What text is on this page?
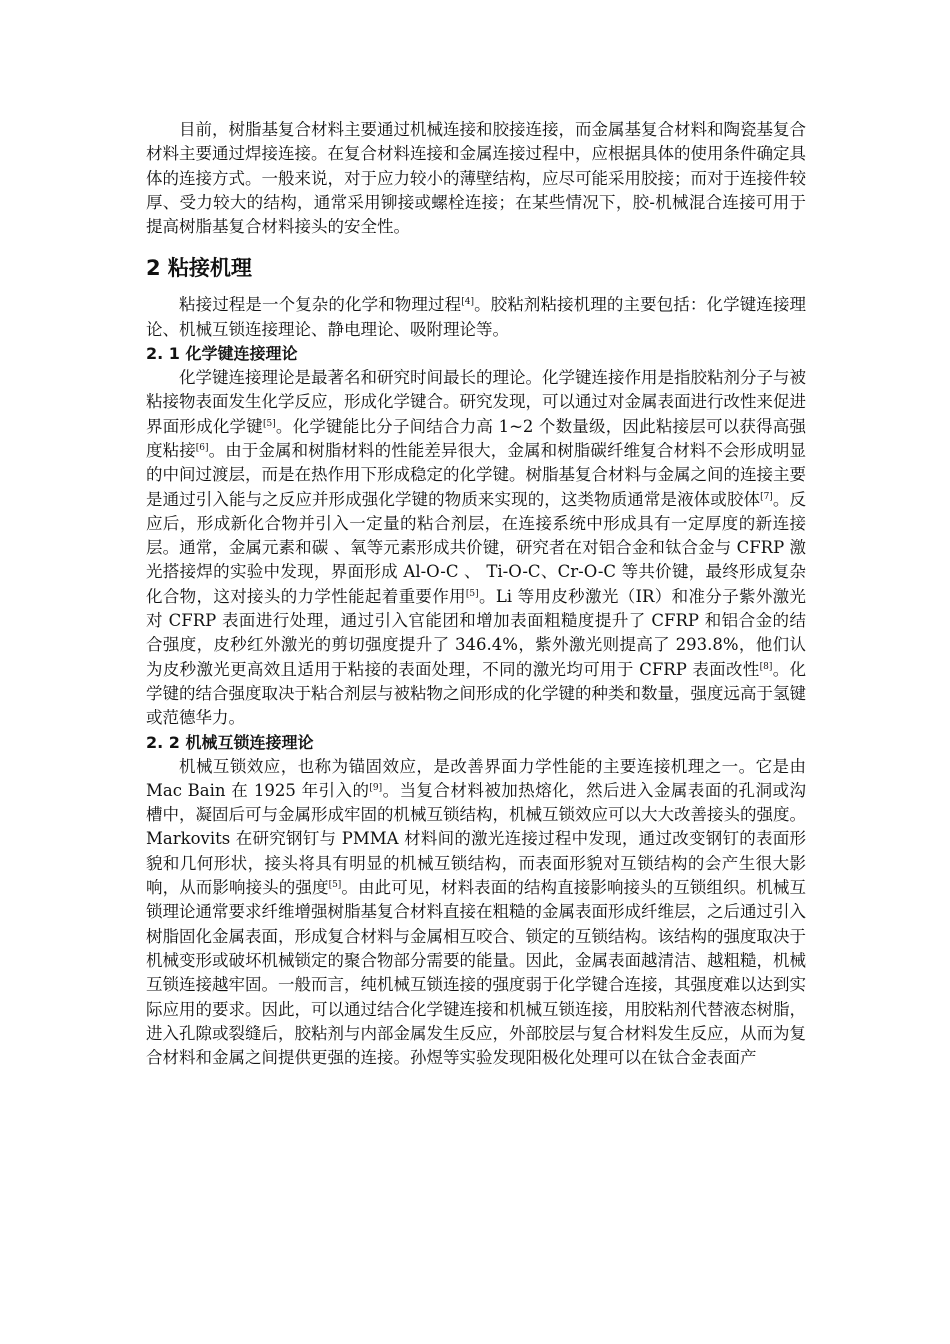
目前，树脂基复合材料主要通过机械连接和胶接连接，而金属基复合材料和陶瓷基复合材料主要通过焊接连接。在复合材料连接和金属连接过程中，应根据具体的使用条件确定具体的连接方式。一般来说，对于应力较小的薄壁结构，应尽可能采用胶接；而对于连接件较厚、受力较大的结构，通常采用铆接或螺栓连接；在某些情况下，胶-机械混合连接可用于提高树脂基复合材料接头的安全性。

2 粘接机理

粘接过程是一个复杂的化学和物理过程[4]。胶粘剂粘接机理的主要包括：化学键连接理论、机械互锁连接理论、静电理论、吸附理论等。

2. 1 化学键连接理论

化学键连接理论是最著名和研究时间最长的理论。化学键连接作用是指胶粘剂分子与被粘接物表面发生化学反应，形成化学键合。研究发现，可以通过对金属表面进行改性来促进界面形成化学键[5]。化学键能比分子间结合力高 1~2 个数量级，因此粘接层可以获得高强度粘接[6]。由于金属和树脂材料的性能差异很大，金属和树脂碳纤维复合材料不会形成明显的中间过渡层，而是在热作用下形成稳定的化学键。树脂基复合材料与金属之间的连接主要是通过引入能与之反应并形成强化学键的物质来实现的，这类物质通常是液体或胶体[7]。反应后，形成新化合物并引入一定量的粘合剂层，在连接系统中形成具有一定厚度的新连接层。通常，金属元素和碳 、氧等元素形成共价键，研究者在对铝合金和钛合金与 CFRP 激光搭接焊的实验中发现，界面形成 Al-O-C 、 Ti-O-C、Cr-O-C 等共价键，最终形成复杂化合物，这对接头的力学性能起着重要作用[5]。Li 等用皮秒激光（IR）和准分子紫外激光对 CFRP 表面进行处理，通过引入官能团和增加表面粗糙度提升了 CFRP 和铝合金的结合强度，皮秒红外激光的剪切强度提升了 346.4%，紫外激光则提高了 293.8%，他们认为皮秒激光更高效且适用于粘接的表面处理，不同的激光均可用于 CFRP 表面改性[8]。化学键的结合强度取决于粘合剂层与被粘物之间形成的化学键的种类和数量，强度远高于氢键或范德华力。

2. 2 机械互锁连接理论

机械互锁效应，也称为锚固效应，是改善界面力学性能的主要连接机理之一。它是由 Mac Bain 在 1925 年引入的[9]。当复合材料被加热熔化，然后进入金属表面的孔洞或沟槽中，凝固后可与金属形成牢固的机械互锁结构，机械互锁效应可以大大改善接头的强度。Markovits 在研究钢钉与 PMMA 材料间的激光连接过程中发现，通过改变钢钉的表面形貌和几何形状，接头将具有明显的机械互锁结构，而表面形貌对互锁结构的会产生很大影响，从而影响接头的强度[5]。由此可见，材料表面的结构直接影响接头的互锁组织。机械互锁理论通常要求纤维增强树脂基复合材料直接在粗糙的金属表面形成纤维层，之后通过引入树脂固化金属表面，形成复合材料与金属相互咬合、锁定的互锁结构。该结构的强度取决于机械变形或破坏机械锁定的聚合物部分需要的能量。因此，金属表面越清洁、越粗糙，机械互锁连接越牢固。一般而言，纯机械互锁连接的强度弱于化学键合连接，其强度难以达到实际应用的要求。因此，可以通过结合化学键连接和机械互锁连接，用胶粘剂代替液态树脂，进入孔隙或裂缝后，胶粘剂与内部金属发生反应，外部胶层与复合材料发生反应，从而为复合材料和金属之间提供更强的连接。孙煜等实验发现阳极化处理可以在钛合金表面产
